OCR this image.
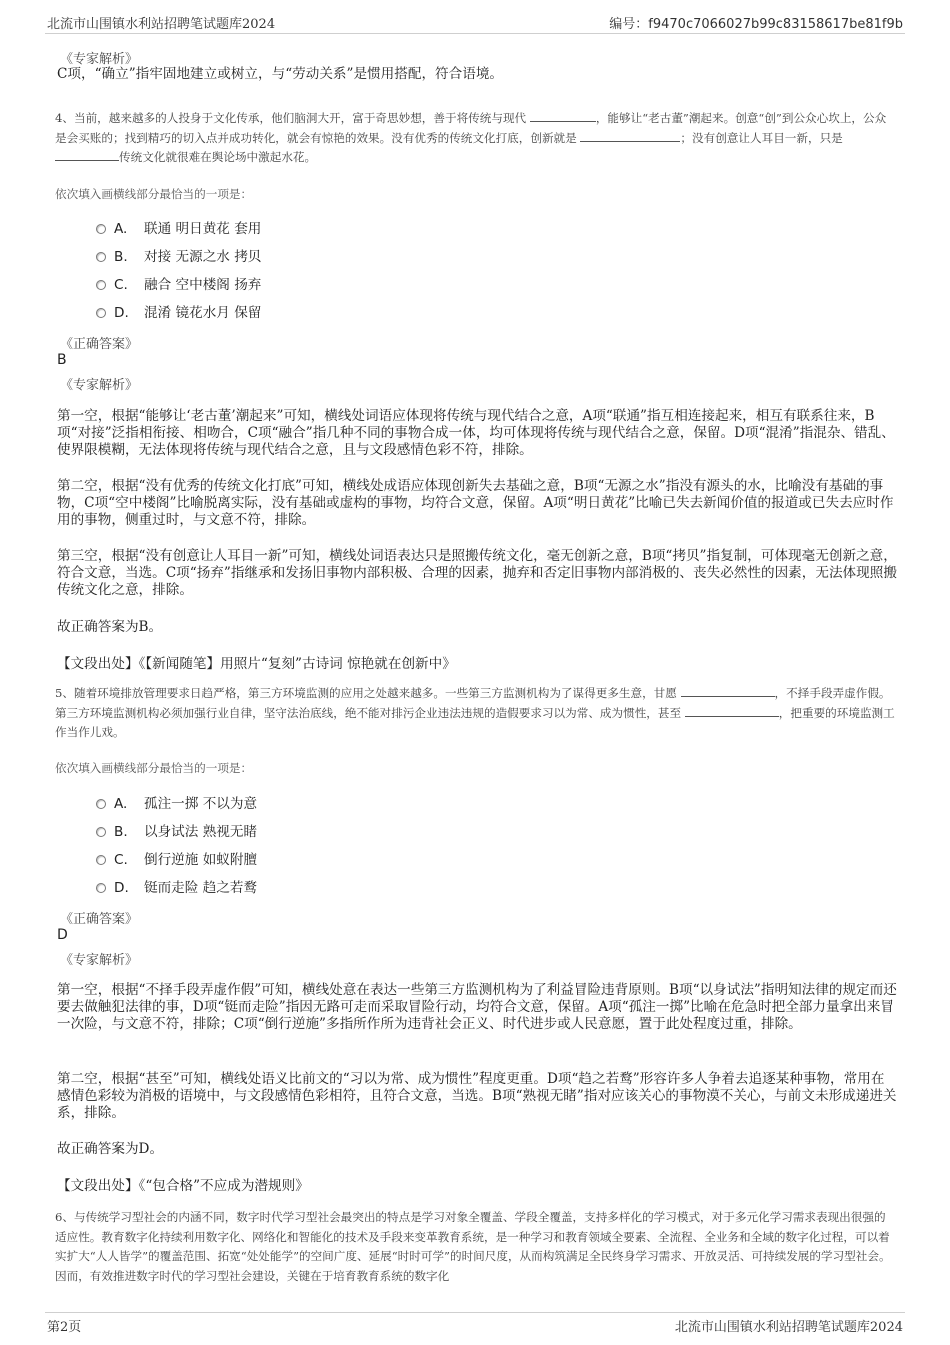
北流市山围镇水利站招聘笔试题库2024	编号：f9470c7066027b99c83158617be81f9b
《专家解析》
C项，“确立”指牢固地建立或树立，与“劳动关系”是惯用搭配，符合语境。
4、当前，越来越多的人投身于文化传承，他们脑洞大开，富于奇思妙想，善于将传统与现代	，能够让“老古董”潮起来。创意“创”到公众心坎上，公众是会买账的；找到精巧的切入点并成功转化，就会有惊艳的效果。没有优秀的传统文化打底，创新就是	；没有创意让人耳目一新，只是 传统文化就很难在舆论场中激起水花。
依次填入画横线部分最恰当的一项是：
A. 联通 明日黄花 套用
B. 对接 无源之水 拷贝
C. 融合 空中楼阁 扬弃
D. 混淆 镜花水月 保留
《正确答案》
B
《专家解析》
第一空，根据“能够让‘老古董’潮起来”可知，横线处词语应体现将传统与现代结合之意，A项“联通”指互相连接起来，相互有联系往来，B项“对接”泛指相衔接、相吻合，C项“融合”指几种不同的事物合成一体，均可体现将传统与现代结合之意，保留。D项“混淆”指混杂、错乱、使界限模糊，无法体现将传统与现代结合之意，且与文段感情色彩不符，排除。
第二空，根据“没有优秀的传统文化打底”可知，横线处成语应体现创新失去基础之意，B项“无源之水”指没有源头的水，比喻没有基础的事物，C项“空中楼阁”比喻脱离实际，没有基础或虚构的事物，均符合文意，保留。A项“明日黄花”比喻已失去新闻价值的报道或已失去应时作用的事物，侧重过时，与文意不符，排除。
第三空，根据“没有创意让人耳目一新”可知，横线处词语表达只是照搬传统文化，毫无创新之意，B项“拷贝”指复制，可体现毫无创新之意，符合文意，当选。C项“扬弃”指继承和发扬旧事物内部积极、合理的因素，抛弃和否定旧事物内部消极的、丧失必然性的因素，无法体现照搬传统文化之意，排除。
故正确答案为B。
【文段出处】《【新闻随笔】用照片“复刻”古诗词 惊艳就在创新中》
5、随着环境排放管理要求日趋严格，第三方环境监测的应用之处越来越多。一些第三方监测机构为了谋得更多生意，甘愿	，不择手段弄虚作假。第三方环境监测机构必须加强行业自律，坚守法治底线，绝不能对排污企业违法违规的造假要求习以为常、成为惯性，甚至	，把重要的环境监测工作当作儿戏。
依次填入画横线部分最恰当的一项是：
A. 孤注一掷 不以为意
B. 以身试法 熟视无睹
C. 倒行逆施 如蚁附膻
D. 铤而走险 趋之若鹜
《正确答案》
D
《专家解析》
第一空，根据“不择手段弄虚作假”可知，横线处意在表达一些第三方监测机构为了利益冒险违背原则。B项“以身试法”指明知法律的规定而还要去做触犯法律的事，D项“铤而走险”指因无路可走而采取冒险行动，均符合文意，保留。A项“孤注一掷”比喻在危急时把全部力量拿出来冒一次险，与文意不符，排除；C项“倒行逆施”多指所作所为违背社会正义、时代进步或人民意愿，置于此处程度过重，排除。
第二空，根据“甚至”可知，横线处语义比前文的“习以为常、成为惯性”程度更重。D项“趋之若鹜”形容许多人争着去追逐某种事物，常用在感情色彩较为消极的语境中，与文段感情色彩相符，且符合文意，当选。B项“熟视无睹”指对应该关心的事物漠不关心，与前文未形成递进关系，排除。
故正确答案为D。
【文段出处】《“包合格”不应成为潜规则》
6、与传统学习型社会的内涵不同，数字时代学习型社会最突出的特点是学习对象全覆盖、学段全覆盖，支持多样化的学习模式，对于多元化学习需求表现出很强的适应性。教育数字化持续利用数字化、网络化和智能化的技术及手段来变革教育系统，是一种学习和教育领域全要素、全流程、全业务和全域的数字化过程，可以着实扩大“人人皆学”的覆盖范围、拓宽“处处能学”的空间广度、延展“时时可学”的时间尺度，从而构筑满足全民终身学习需求、开放灵活、可持续发展的学习型社会。因而，有效推进数字时代的学习型社会建设，关键在于培育教育系统的数字化
第2页	北流市山围镇水利站招聘笔试题库2024
